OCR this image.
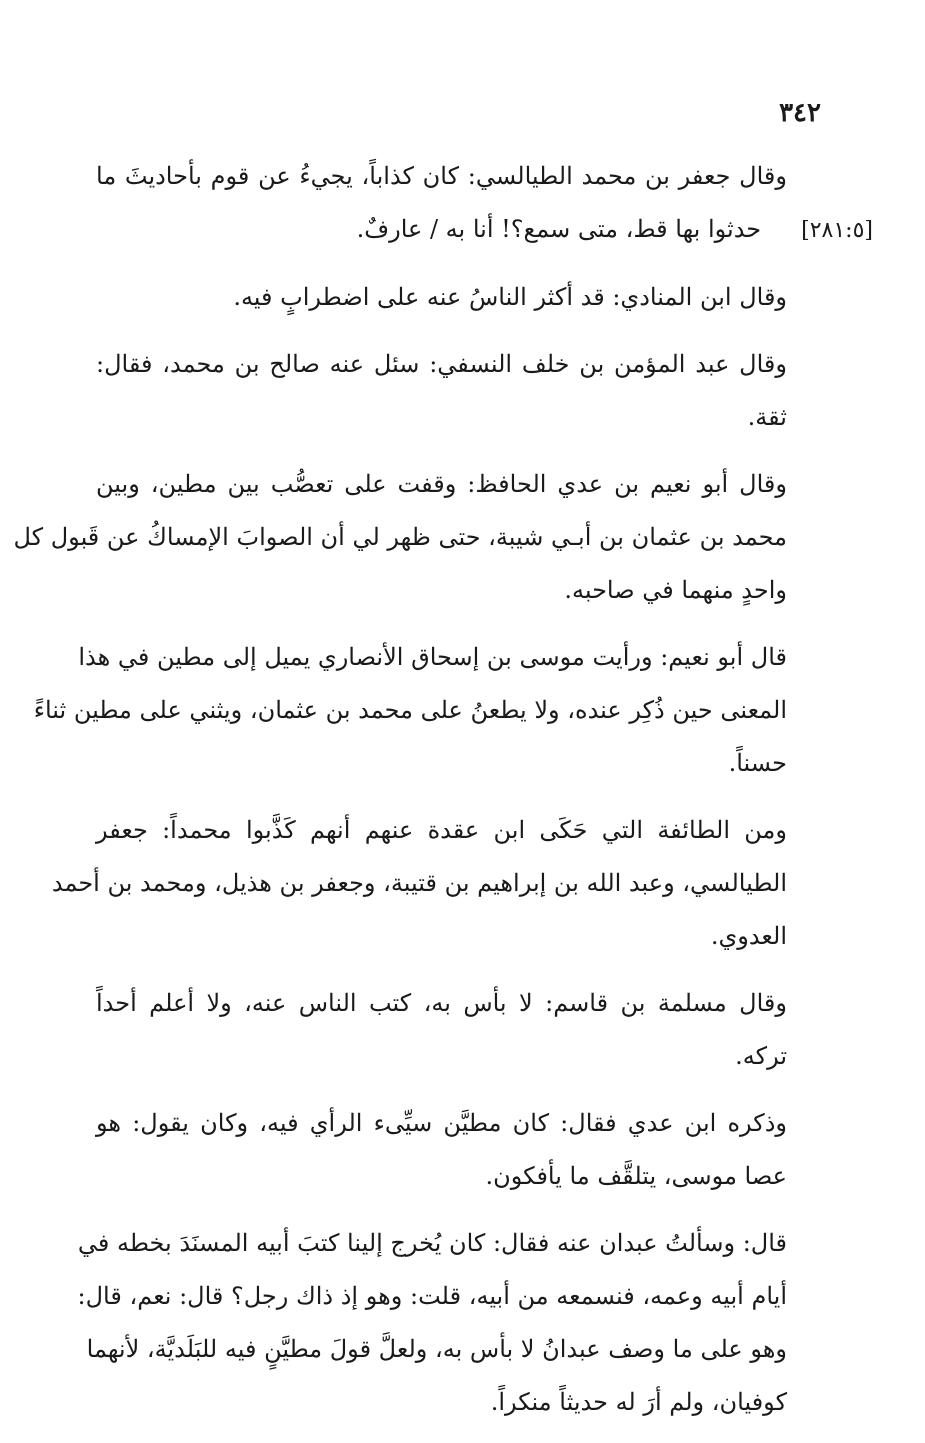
٣٤٢

وقال جعفر بن محمد الطيالسي: كان كذاباً، يجيءُ عن قوم بأحاديثَ ما
[٢٨١:٥]حدثوا بها قط، متى سمع؟! أنا به / عارفٌ.

وقال ابن المنادي: قد أكثر الناسُ عنه على اضطرابٍ فيه.

وقال عبد المؤمن بن خلف النسفي: سئل عنه صالح بن محمد، فقال:
ثقة.

وقال أبو نعيم بن عدي الحافظ: وقفت على تعصُّب بين مطين، وبين
محمد بن عثمان بن أبـي شيبة، حتى ظهر لي أن الصوابَ الإمساكُ عن قَبول كل
واحدٍ منهما في صاحبه.

قال أبو نعيم: ورأيت موسى بن إسحاق الأنصاري يميل إلى مطين في هذا
المعنى حين ذُكِر عنده، ولا يطعنُ على محمد بن عثمان، ويثني على مطين ثناءً
حسناً.

ومن الطائفة التي حَكَى ابن عقدة عنهم أنهم كَذَّبوا محمداً: جعفر
الطيالسي، وعبد الله بن إبراهيم بن قتيبة، وجعفر بن هذيل، ومحمد بن أحمد
العدوي.

وقال مسلمة بن قاسم: لا بأس به، كتب الناس عنه، ولا أعلم أحداً
تركه.

وذكره ابن عدي فقال: كان مطيَّن سيِّىء الرأي فيه، وكان يقول: هو
عصا موسى، يتلقَّف ما يأفكون.

قال: وسألتُ عبدان عنه فقال: كان يُخرج إلينا كتبَ أبيه المسنَدَ بخطه في
أيام أبيه وعمه، فنسمعه من أبيه، قلت: وهو إذ ذاك رجل؟ قال: نعم، قال:
وهو على ما وصف عبدانُ لا بأس به، ولعلَّ قولَ مطيَّنٍ فيه للبَلَديَّة، لأنهما
كوفيان، ولم أرَ له حديثاً منكراً.
